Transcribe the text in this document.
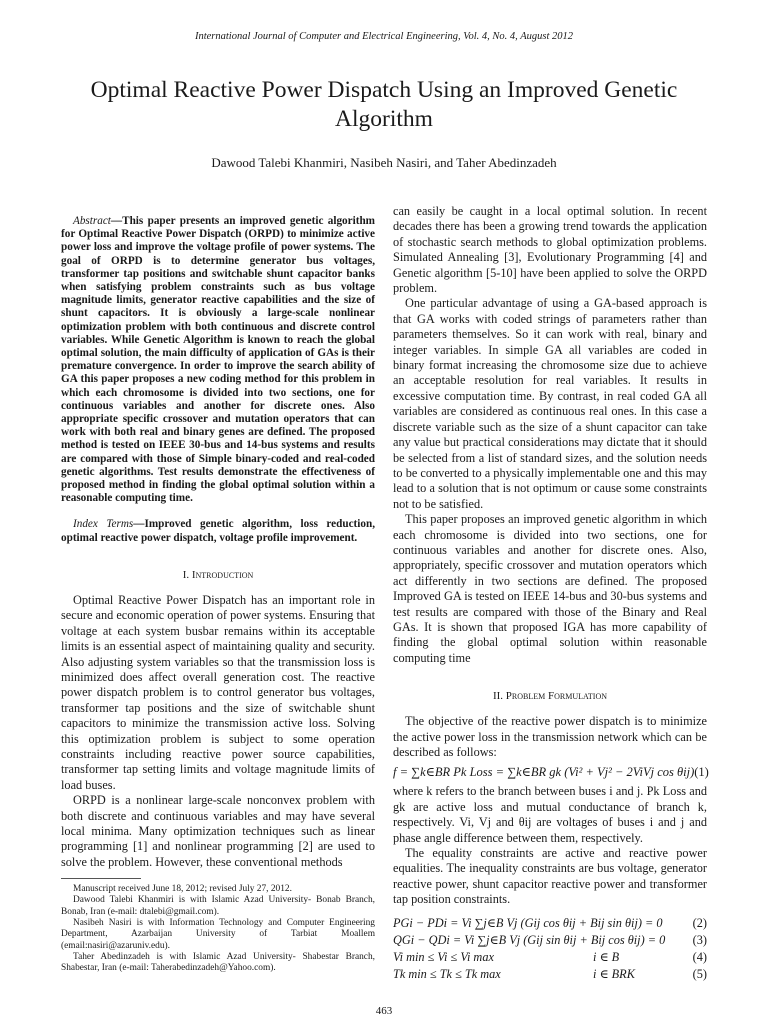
International Journal of Computer and Electrical Engineering, Vol. 4, No. 4, August 2012
Optimal Reactive Power Dispatch Using an Improved Genetic Algorithm
Dawood Talebi Khanmiri, Nasibeh Nasiri, and Taher Abedinzadeh

Abstract—This paper presents an improved genetic algorithm for Optimal Reactive Power Dispatch (ORPD) to minimize active power loss and improve the voltage profile of power systems. The goal of ORPD is to determine generator bus voltages, transformer tap positions and switchable shunt capacitor banks when satisfying problem constraints such as bus voltage magnitude limits, generator reactive capabilities and the size of shunt capacitors. It is obviously a large-scale nonlinear optimization problem with both continuous and discrete control variables. While Genetic Algorithm is known to reach the global optimal solution, the main difficulty of application of GAs is their premature convergence. In order to improve the search ability of GA this paper proposes a new coding method for this problem in which each chromosome is divided into two sections, one for continuous variables and another for discrete ones. Also appropriate specific crossover and mutation operators that can work with both real and binary genes are defined. The proposed method is tested on IEEE 30-bus and 14-bus systems and results are compared with those of Simple binary-coded and real-coded genetic algorithms. Test results demonstrate the effectiveness of proposed method in finding the global optimal solution within a reasonable computing time.

Index Terms—Improved genetic algorithm, loss reduction, optimal reactive power dispatch, voltage profile improvement.

I. Introduction

Optimal Reactive Power Dispatch has an important role in secure and economic operation of power systems. Ensuring that voltage at each system busbar remains within its acceptable limits is an essential aspect of maintaining quality and security. Also adjusting system variables so that the transmission loss is minimized does affect overall generation cost. The reactive power dispatch problem is to control generator bus voltages, transformer tap positions and the size of switchable shunt capacitors to minimize the transmission active loss. Solving this optimization problem is subject to some operation constraints including reactive power source capabilities, transformer tap setting limits and voltage magnitude limits of load buses.

ORPD is a nonlinear large-scale nonconvex problem with both discrete and continuous variables and may have several local minima. Many optimization techniques such as linear programming [1] and nonlinear programming [2] are used to solve the problem. However, these conventional methods

Manuscript received June 18, 2012; revised July 27, 2012.

Dawood Talebi Khanmiri is with Islamic Azad University- Bonab Branch, Bonab, Iran (e-mail: dtalebi@gmail.com).

Nasibeh Nasiri is with Information Technology and Computer Engineering Department, Azarbaijan University of Tarbiat Moallem (email:nasiri@azaruniv.edu).

Taher Abedinzadeh is with Islamic Azad University- Shabestar Branch, Shabestar, Iran (e-mail: Taherabedinzadeh@Yahoo.com).

can easily be caught in a local optimal solution. In recent decades there has been a growing trend towards the application of stochastic search methods to global optimization problems. Simulated Annealing [3], Evolutionary Programming [4] and Genetic algorithm [5-10] have been applied to solve the ORPD problem.

One particular advantage of using a GA-based approach is that GA works with coded strings of parameters rather than parameters themselves. So it can work with real, binary and integer variables. In simple GA all variables are coded in binary format increasing the chromosome size due to achieve an acceptable resolution for real variables. It results in excessive computation time. By contrast, in real coded GA all variables are considered as continuous real ones. In this case a discrete variable such as the size of a shunt capacitor can take any value but practical considerations may dictate that it should be selected from a list of standard sizes, and the solution needs to be converted to a physically implementable one and this may lead to a solution that is not optimum or cause some constraints not to be satisfied.

This paper proposes an improved genetic algorithm in which each chromosome is divided into two sections, one for continuous variables and another for discrete ones. Also, appropriately, specific crossover and mutation operators which act differently in two sections are defined. The proposed Improved GA is tested on IEEE 14-bus and 30-bus systems and test results are compared with those of the Binary and Real GAs. It is shown that proposed IGA has more capability of finding the global optimal solution within reasonable computing time

II. Problem Formulation

The objective of the reactive power dispatch is to minimize the active power loss in the transmission network which can be described as follows:

f = ∑k∈BR Pk Loss = ∑k∈BR gk (Vi² + Vj² − 2ViVj cos θij) (1)

where k refers to the branch between buses i and j. Pk Loss and gk are active loss and mutual conductance of branch k, respectively. Vi, Vj and θij are voltages of buses i and j and phase angle difference between them, respectively.

The equality constraints are active and reactive power equalities. The inequality constraints are bus voltage, generator reactive power, shunt capacitor reactive power and transformer tap position constraints.

PGi − PDi = Vi ∑j∈B Vj (Gij cos θij + Bij sin θij) = 0	(2)
QGi − QDi = Vi ∑j∈B Vj (Gij sin θij + Bij cos θij) = 0	(3)
Vi min ≤ Vi ≤ Vi max	i ∈ B	(4)
Tk min ≤ Tk ≤ Tk max	i ∈ BRK	(5)
463
